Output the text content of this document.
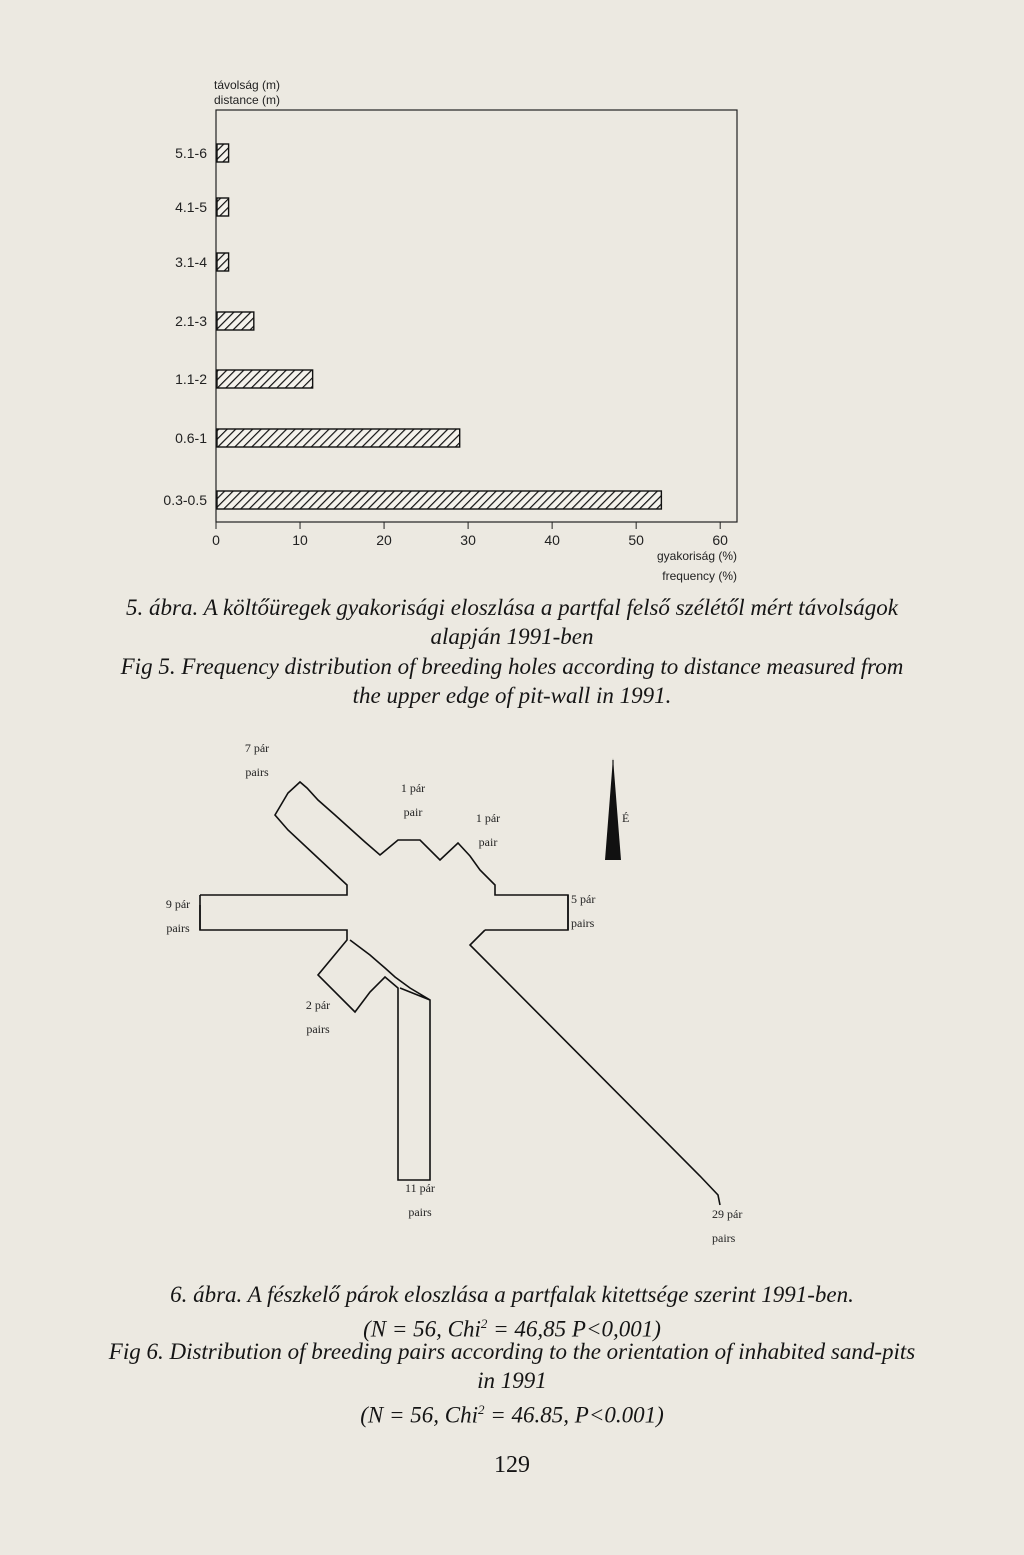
távolság (m)
distance (m)
5.1-6
4.1-5
3.1-4
2.1-3
1.1-2
0.6-1
0.3-0.5
0	10	20	30	40	50	60
gyakoriság (%)
frequency (%)
5. ábra. A költőüregek gyakorisági eloszlása a partfal felső szélétől mért távolságok
alapján 1991-ben
Fig 5. Frequency distribution of breeding holes according to distance measured from
the upper edge of pit-wall in 1991.
7 pár
pairs
1 pár
pair	1 pár
pair
9 pár
pairs
5 pár
pairs
2 pár
pairs
11 pár
pairs	29 pár
pairs
É
6. ábra. A fészkelő párok eloszlása a partfalak kitettsége szerint 1991-ben.
(N = 56, Chi$^2$ = 46,85 P<0,001)
Fig 6. Distribution of breeding pairs according to the orientation of inhabited sand-pits
in 1991
(N = 56, Chi$^2$ = 46.85, P<0.001)
129
